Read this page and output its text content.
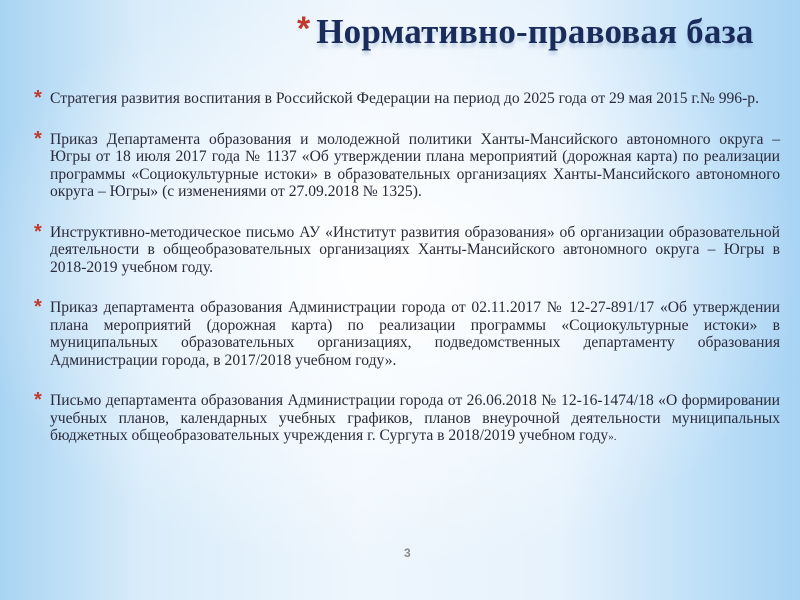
* Нормативно-правовая база
* Стратегия развития воспитания в Российской Федерации на период до 2025 года от 29 мая 2015 г.№ 996-р.
* Приказ Департамента образования и молодежной политики Ханты-Мансийского автономного округа – Югры от 18 июля 2017 года № 1137 «Об утверждении плана мероприятий (дорожная карта) по реализации программы «Социокультурные истоки» в образовательных организациях Ханты-Мансийского автономного округа – Югры» (с изменениями от 27.09.2018 № 1325).
* Инструктивно-методическое письмо АУ «Институт развития образования» об организации образовательной деятельности в общеобразовательных организациях Ханты-Мансийского автономного округа – Югры в 2018-2019 учебном году.
* Приказ департамента образования Администрации города от 02.11.2017 № 12-27-891/17 «Об утверждении плана мероприятий (дорожная карта) по реализации программы «Социокультурные истоки» в муниципальных образовательных организациях, подведомственных департаменту образования Администрации города, в 2017/2018 учебном году».
* Письмо департамента образования Администрации города от 26.06.2018 № 12-16-1474/18 «О формировании учебных планов, календарных учебных графиков, планов внеурочной деятельности муниципальных бюджетных общеобразовательных учреждения г. Сургута в 2018/2019 учебном году».
3
